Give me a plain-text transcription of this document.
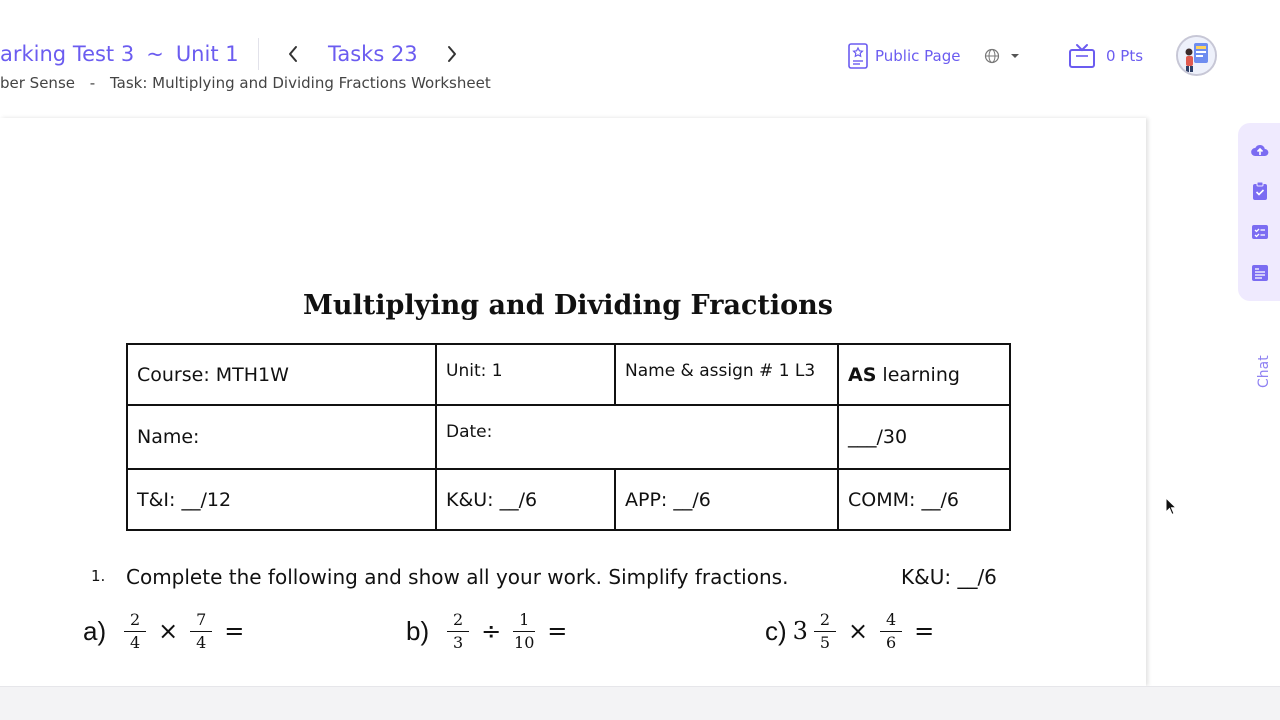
arking Test 3 ~ Unit 1	Tasks 23
ber Sense - Task: Multiplying and Dividing Fractions Worksheet
Public Page	0 Pts
Multiplying and Dividing Fractions
Course: MTH1W	Unit: 1	Name & assign # 1 L3	AS learning
Name:	Date:		___/30
T&I: __/12	K&U: __/6	APP: __/6	COMM: __/6
1. Complete the following and show all your work. Simplify fractions.	K&U: __/6
$a) \frac{2}{4} \times \frac{7}{4}$ =	$b) \frac{2}{3} \div \frac{1}{10}$ =	c) $3 \frac{2}{5} \times \frac{4}{6}$ =
Chat
